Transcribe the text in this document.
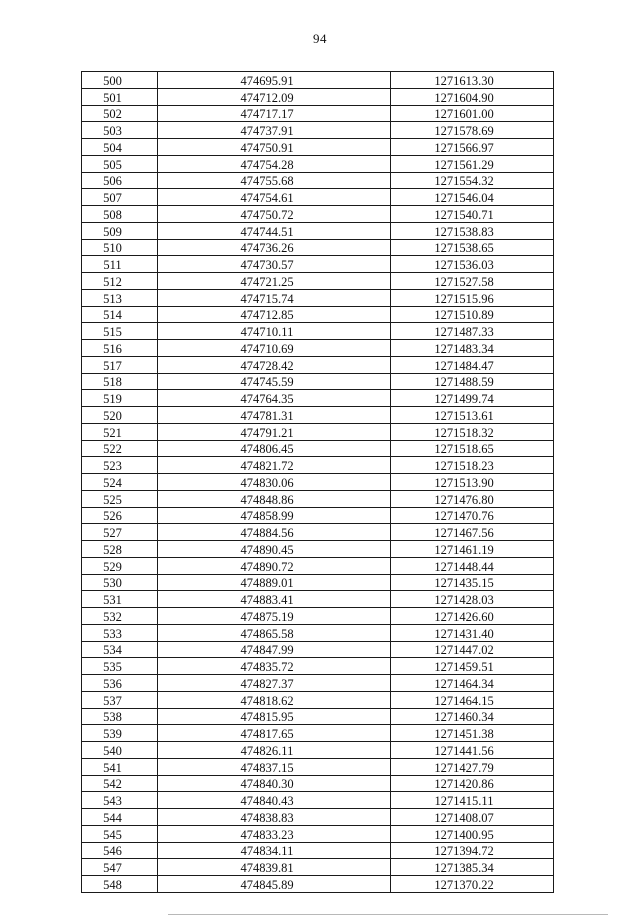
94
500	474695.91	1271613.30
501	474712.09	1271604.90
502	474717.17	1271601.00
503	474737.91	1271578.69
504	474750.91	1271566.97
505	474754.28	1271561.29
506	474755.68	1271554.32
507	474754.61	1271546.04
508	474750.72	1271540.71
509	474744.51	1271538.83
510	474736.26	1271538.65
511	474730.57	1271536.03
512	474721.25	1271527.58
513	474715.74	1271515.96
514	474712.85	1271510.89
515	474710.11	1271487.33
516	474710.69	1271483.34
517	474728.42	1271484.47
518	474745.59	1271488.59
519	474764.35	1271499.74
520	474781.31	1271513.61
521	474791.21	1271518.32
522	474806.45	1271518.65
523	474821.72	1271518.23
524	474830.06	1271513.90
525	474848.86	1271476.80
526	474858.99	1271470.76
527	474884.56	1271467.56
528	474890.45	1271461.19
529	474890.72	1271448.44
530	474889.01	1271435.15
531	474883.41	1271428.03
532	474875.19	1271426.60
533	474865.58	1271431.40
534	474847.99	1271447.02
535	474835.72	1271459.51
536	474827.37	1271464.34
537	474818.62	1271464.15
538	474815.95	1271460.34
539	474817.65	1271451.38
540	474826.11	1271441.56
541	474837.15	1271427.79
542	474840.30	1271420.86
543	474840.43	1271415.11
544	474838.83	1271408.07
545	474833.23	1271400.95
546	474834.11	1271394.72
547	474839.81	1271385.34
548	474845.89	1271370.22
